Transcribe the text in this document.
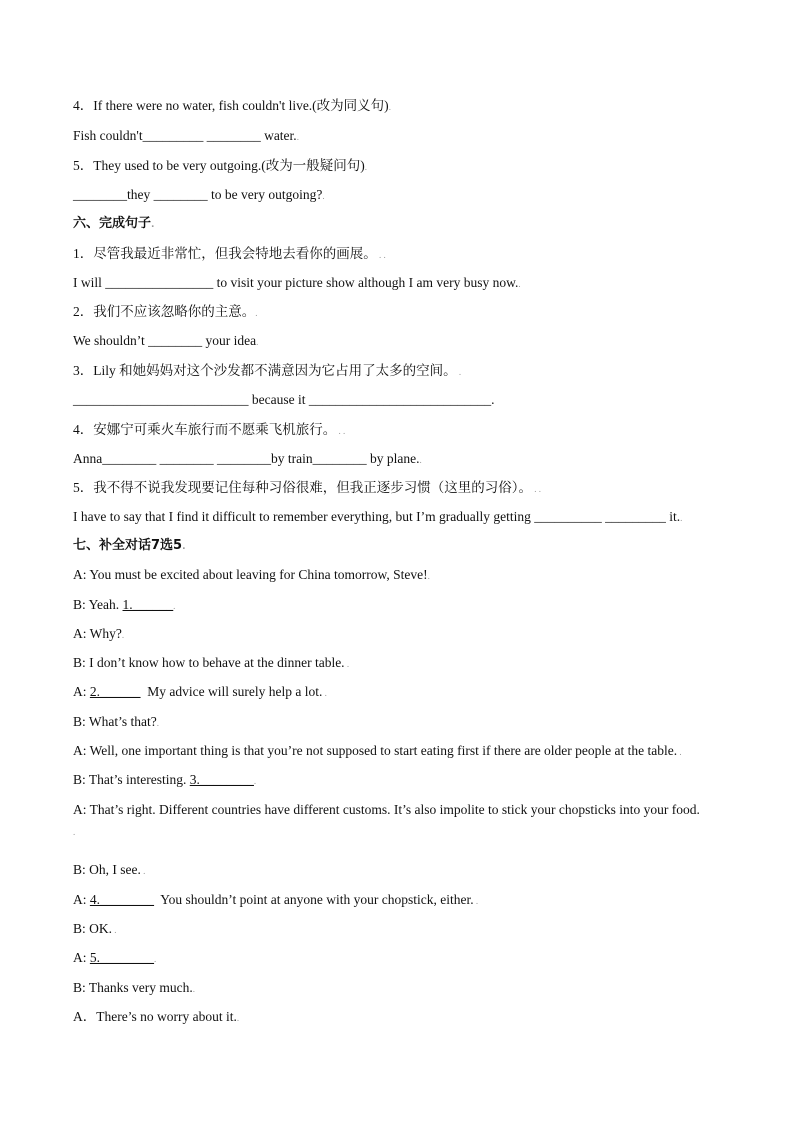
4．If there were no water, fish couldn't live.(改为同义句).
Fish couldn't_________ ________ water..
5．They used to be very outgoing.(改为一般疑问句).
________they ________ to be very outgoing?.
六、完成句子.
1．尽管我最近非常忙，但我会特地去看你的画展。 . .
I will ________________ to visit your picture show although I am very busy now..
2．我们不应该忽略你的主意。.
We shouldn’t ________ your idea.
3．Lily 和她妈妈对这个沙发都不满意因为它占用了太多的空间。 .
__________________________ because it ___________________________.
4．安娜宁可乘火车旅行而不愿乘飞机旅行。 . .
Anna________ ________ ________by train________ by plane..
5．我不得不说我发现要记住每种习俗很难，但我正逐步习惯（这里的习俗）。 . .
I have to say that I find it difficult to remember everything, but I’m gradually getting __________ _________ it..
七、补全对话7选5.
A: You must be excited about leaving for China tomorrow, Steve!.
B: Yeah. 1.______.
A: Why?.
B: I don’t know how to behave at the dinner table. .
A: 2.______  My advice will surely help a lot. .
B: What’s that?.
A: Well, one important thing is that you’re not supposed to start eating first if there are older people at the table. .
B: That’s interesting. 3.________.
A: That’s right. Different countries have different customs. It’s also impolite to stick your chopsticks into your food.
.
B: Oh, I see. .
A: 4.________  You shouldn’t point at anyone with your chopstick, either. .
B: OK. .
A: 5.________.
B: Thanks very much..
A．There’s no worry about it..
